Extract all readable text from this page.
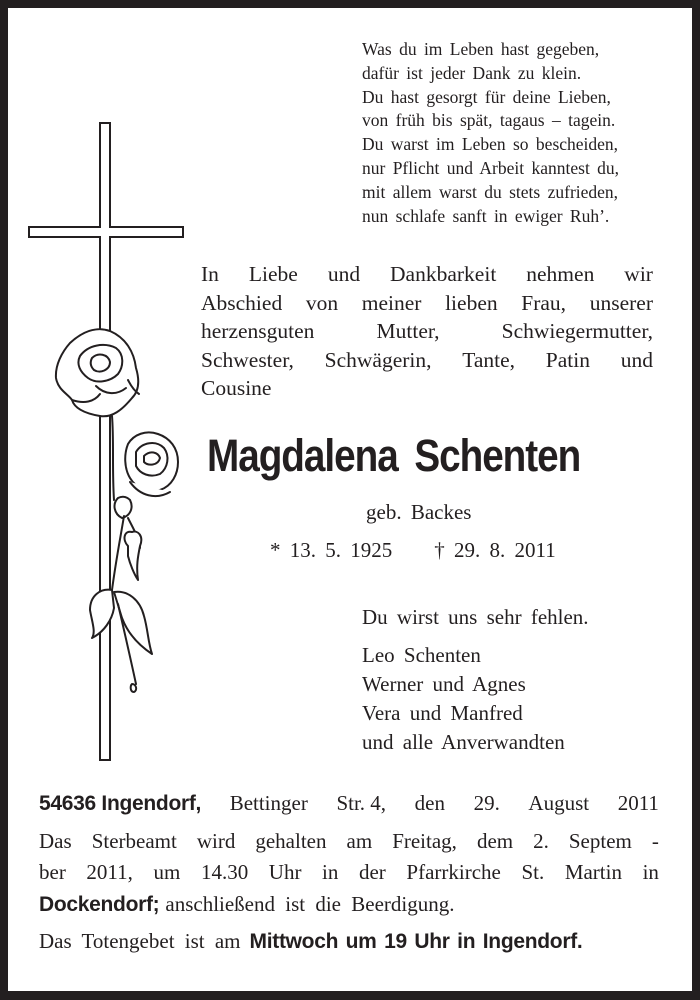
Was du im Leben hast gegeben,
dafür ist jeder Dank zu klein.
Du hast gesorgt für deine Lieben,
von früh bis spät, tagaus – tagein.
Du warst im Leben so bescheiden,
nur Pflicht und Arbeit kanntest du,
mit allem warst du stets zufrieden,
nun schlafe sanft in ewiger Ruh’.
In Liebe und Dankbarkeit nehmen wir
Abschied von meiner lieben Frau, unserer
herzensguten	Mutter,	Schwiegermutter,
Schwester, Schwägerin, Tante, Patin und
Cousine
Magdalena Schenten
geb. Backes
* 13. 5. 1925 † 29. 8. 2011
Du wirst uns sehr fehlen.
Leo Schenten
Werner und Agnes
Vera und Manfred
und alle Anverwandten
54636 Ingendorf, Bettinger Str. 4, den 29. August 2011
Das Sterbeamt wird gehalten am Freitag, dem 2. Septem -
ber 2011, um 14.30 Uhr in der Pfarrkirche St. Martin in
Dockendorf; anschließend ist die Beerdigung.
Das Totengebet ist am Mittwoch um 19 Uhr in Ingendorf.
